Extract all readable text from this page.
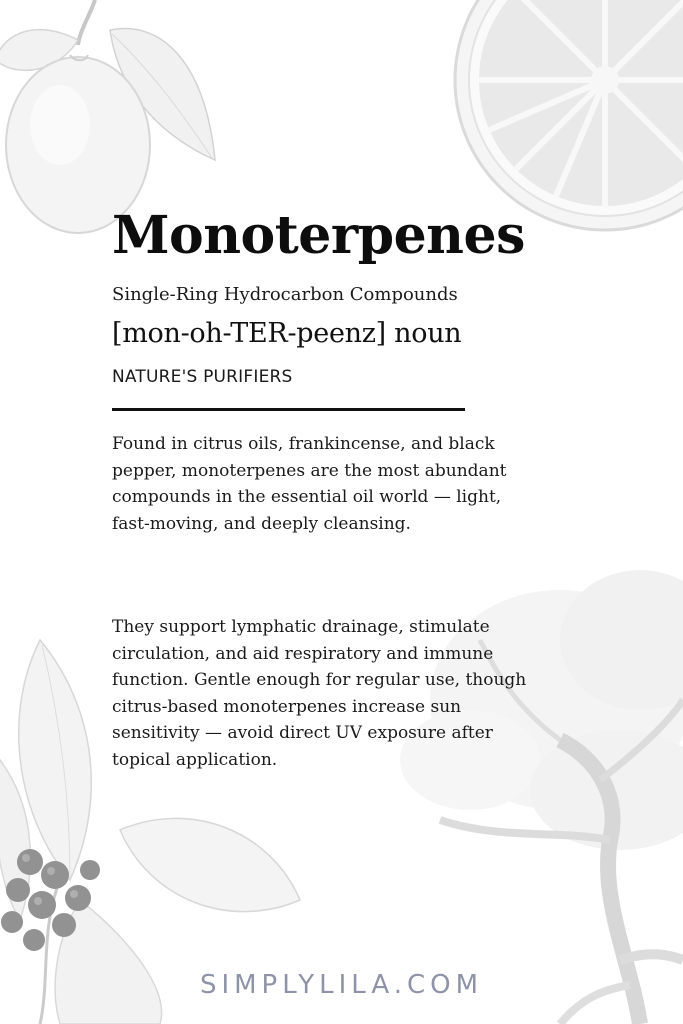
Monoterpenes
Single-Ring Hydrocarbon Compounds
[mon-oh-TER-peenz] noun
NATURE'S PURIFIERS

Found in citrus oils, frankincense, and black pepper, monoterpenes are the most abundant compounds in the essential oil world — light, fast-moving, and deeply cleansing.

They support lymphatic drainage, stimulate circulation, and aid respiratory and immune function. Gentle enough for regular use, though citrus-based monoterpenes increase sun sensitivity — avoid direct UV exposure after topical application.

SIMPLYLILA.COM
